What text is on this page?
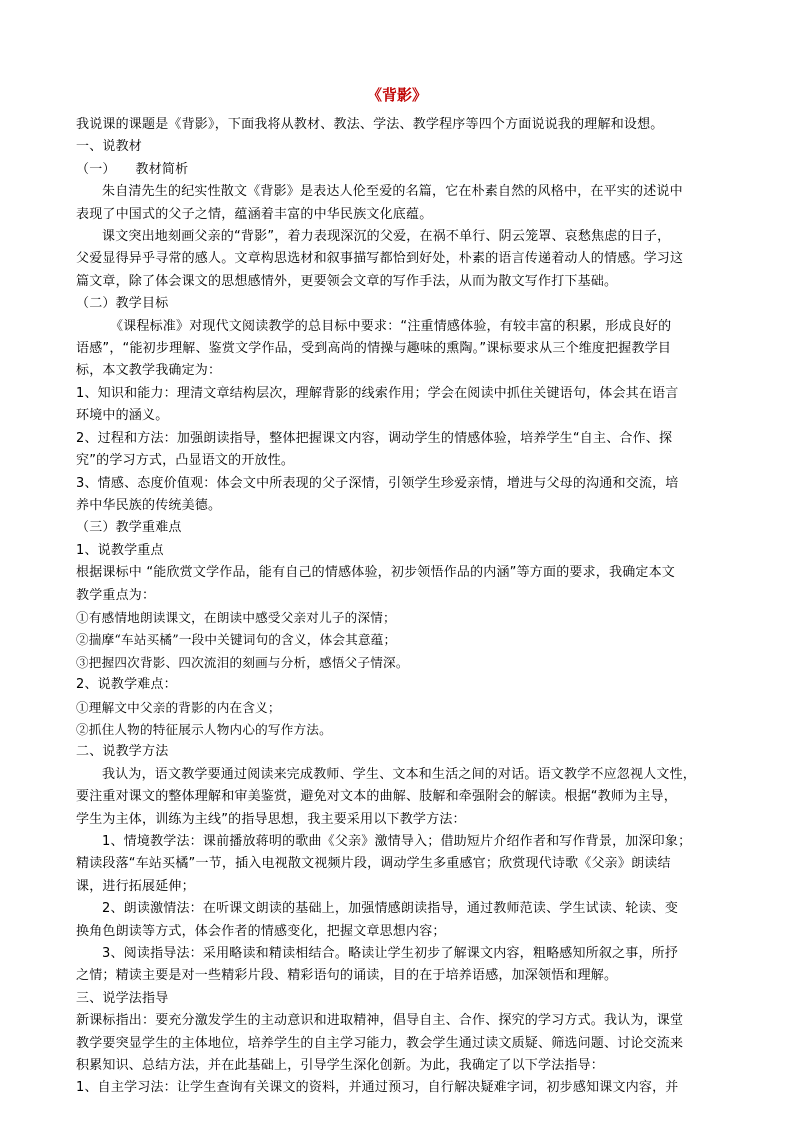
《背影》
我说课的课题是《背影》，下面我将从教材、教法、学法、教学程序等四个方面说说我的理解和设想。
一、说教材
（一）　　教材简析
朱自清先生的纪实性散文《背影》是表达人伦至爱的名篇，它在朴素自然的风格中，在平实的述说中
表现了中国式的父子之情，蕴涵着丰富的中华民族文化底蕴。
课文突出地刻画父亲的“背影”，着力表现深沉的父爱，在祸不单行、阴云笼罩、哀愁焦虑的日子，
父爱显得异乎寻常的感人。文章构思选材和叙事描写都恰到好处，朴素的语言传递着动人的情感。学习这
篇文章，除了体会课文的思想感情外，更要领会文章的写作手法，从而为散文写作打下基础。
（二）教学目标
《课程标准》对现代文阅读教学的总目标中要求：“注重情感体验，有较丰富的积累，形成良好的
语感”，“能初步理解、鉴赏文学作品，受到高尚的情操与趣味的熏陶。”课标要求从三个维度把握教学目
标，本文教学我确定为：
1、知识和能力：理清文章结构层次，理解背影的线索作用；学会在阅读中抓住关键语句，体会其在语言
环境中的涵义。
2、过程和方法：加强朗读指导，整体把握课文内容，调动学生的情感体验，培养学生“自主、合作、探
究”的学习方式，凸显语文的开放性。
3、情感、态度价值观：体会文中所表现的父子深情，引领学生珍爱亲情，增进与父母的沟通和交流，培
养中华民族的传统美德。
（三）教学重难点
1、说教学重点
根据课标中 “能欣赏文学作品，能有自己的情感体验，初步领悟作品的内涵”等方面的要求，我确定本文
教学重点为：
①有感情地朗读课文，在朗读中感受父亲对儿子的深情；
②揣摩“车站买橘”一段中关键词句的含义，体会其意蕴；
③把握四次背影、四次流泪的刻画与分析，感悟父子情深。
2、说教学难点：
①理解文中父亲的背影的内在含义；
②抓住人物的特征展示人物内心的写作方法。
二、说教学方法
我认为，语文教学要通过阅读来完成教师、学生、文本和生活之间的对话。语文教学不应忽视人文性，
要注重对课文的整体理解和审美鉴赏，避免对文本的曲解、肢解和牵强附会的解读。根据“教师为主导，
学生为主体，训练为主线”的指导思想，我主要采用以下教学方法：
1、情境教学法：课前播放蒋明的歌曲《父亲》激情导入；借助短片介绍作者和写作背景，加深印象；
精读段落“车站买橘”一节，插入电视散文视频片段，调动学生多重感官；欣赏现代诗歌《父亲》朗读结
课，进行拓展延伸；
2、朗读激情法：在听课文朗读的基础上，加强情感朗读指导，通过教师范读、学生试读、轮读、变
换角色朗读等方式，体会作者的情感变化，把握文章思想内容；
3、阅读指导法：采用略读和精读相结合。略读让学生初步了解课文内容，粗略感知所叙之事，所抒
之情；精读主要是对一些精彩片段、精彩语句的诵读，目的在于培养语感，加深领悟和理解。
三、说学法指导
新课标指出：要充分激发学生的主动意识和进取精神，倡导自主、合作、探究的学习方式。我认为，课堂
教学要突显学生的主体地位，培养学生的自主学习能力，教会学生通过读文质疑、筛选问题、讨论交流来
积累知识、总结方法，并在此基础上，引导学生深化创新。为此，我确定了以下学法指导：
1、自主学习法：让学生查询有关课文的资料，并通过预习，自行解决疑难字词，初步感知课文内容，并
